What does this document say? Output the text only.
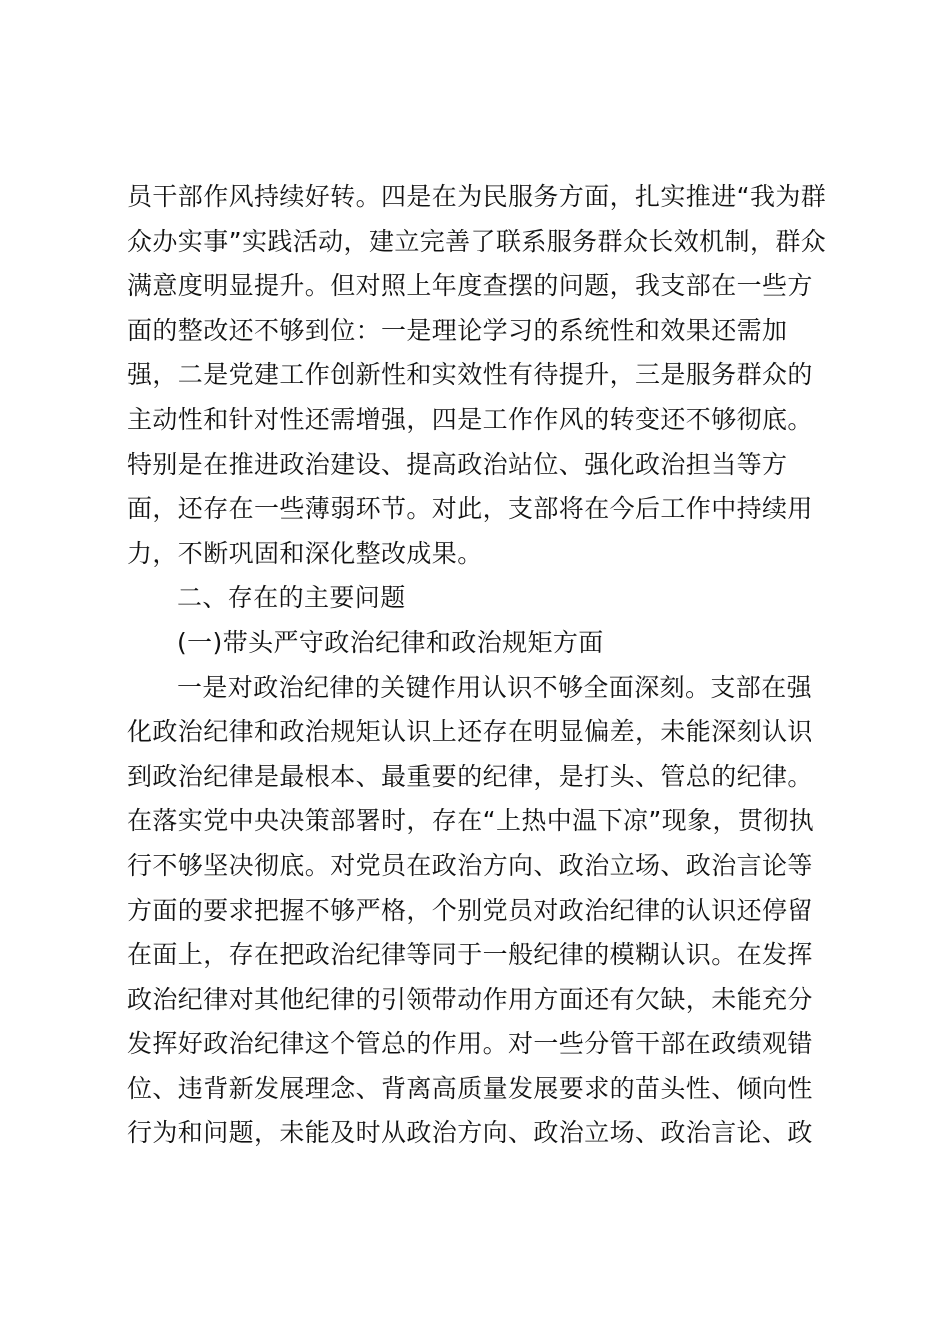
员干部作风持续好转。四是在为民服务方面，扎实推进“我为群
众办实事”实践活动，建立完善了联系服务群众长效机制，群众
满意度明显提升。但对照上年度查摆的问题，我支部在一些方
面的整改还不够到位：一是理论学习的系统性和效果还需加
强，二是党建工作创新性和实效性有待提升，三是服务群众的
主动性和针对性还需增强，四是工作作风的转变还不够彻底。
特别是在推进政治建设、提高政治站位、强化政治担当等方
面，还存在一些薄弱环节。对此，支部将在今后工作中持续用
力，不断巩固和深化整改成果。
二、存在的主要问题
(一)带头严守政治纪律和政治规矩方面
一是对政治纪律的关键作用认识不够全面深刻。支部在强
化政治纪律和政治规矩认识上还存在明显偏差，未能深刻认识
到政治纪律是最根本、最重要的纪律，是打头、管总的纪律。
在落实党中央决策部署时，存在“上热中温下凉”现象，贯彻执
行不够坚决彻底。对党员在政治方向、政治立场、政治言论等
方面的要求把握不够严格，个别党员对政治纪律的认识还停留
在面上，存在把政治纪律等同于一般纪律的模糊认识。在发挥
政治纪律对其他纪律的引领带动作用方面还有欠缺，未能充分
发挥好政治纪律这个管总的作用。对一些分管干部在政绩观错
位、违背新发展理念、背离高质量发展要求的苗头性、倾向性
行为和问题，未能及时从政治方向、政治立场、政治言论、政
